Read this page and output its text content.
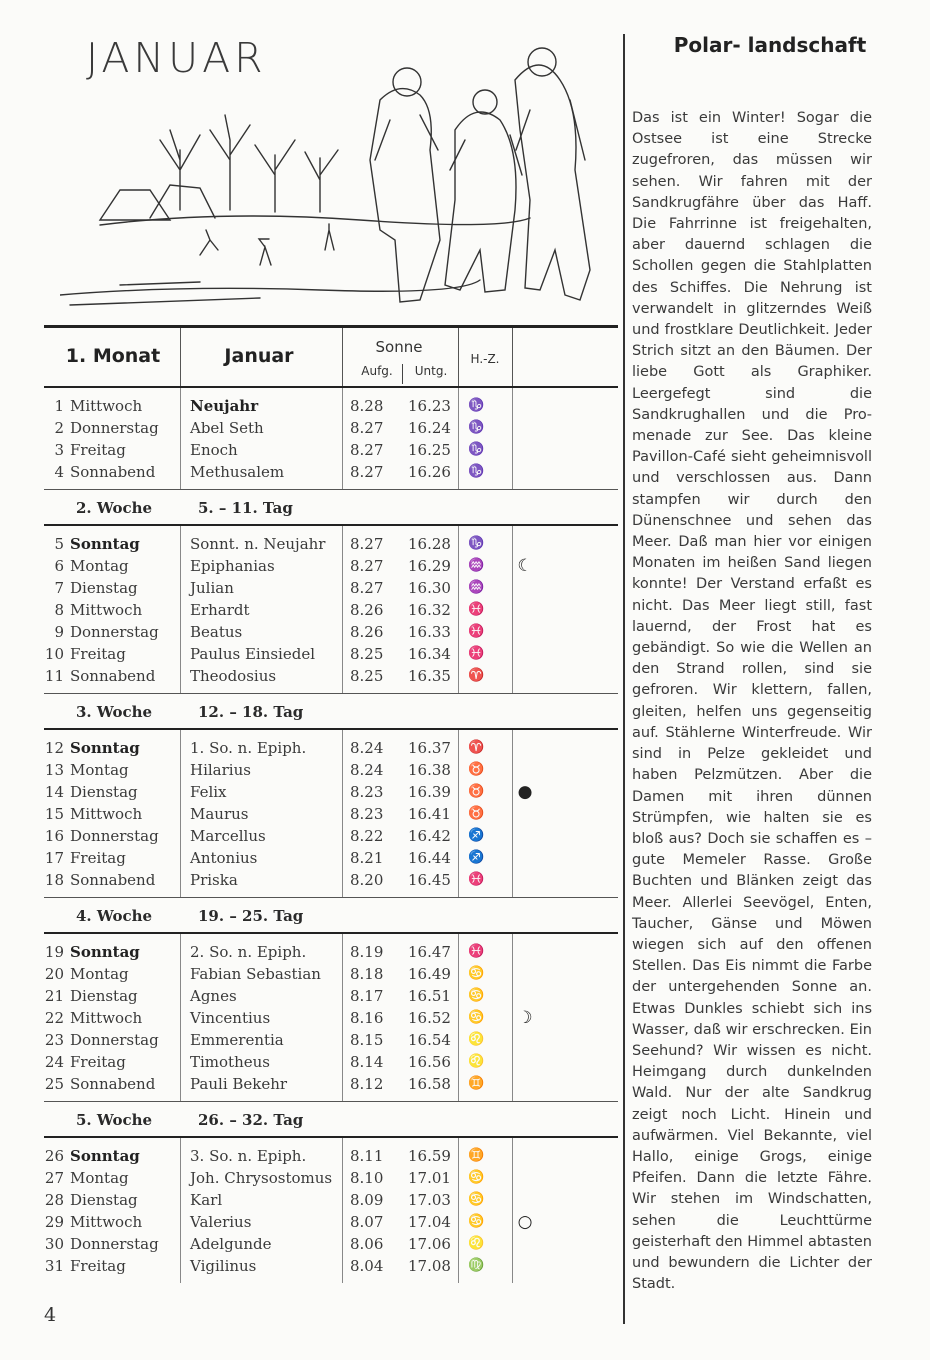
JANUAR
1. Monat	Januar	Sonne
Aufg.	Untg.
H.-Z.
1 Mittwoch	Neujahr	8.28	16.23	♑
2 Donnerstag	Abel Seth	8.27	16.24	♑
3 Freitag	Enoch	8.27	16.25	♑
4 Sonnabend	Methusalem	8.27	16.26	♑
2. Woche	5. – 11. Tag
5 Sonntag	Sonnt. n. Neujahr	8.27	16.28	♑
6 Montag	Epiphanias	8.27	16.29	♒	☾
7 Dienstag	Julian	8.27	16.30	♒
8 Mittwoch	Erhardt	8.26	16.32	♓
9 Donnerstag	Beatus	8.26	16.33	♓
10 Freitag	Paulus Einsiedel	8.25	16.34	♓
11 Sonnabend	Theodosius	8.25	16.35	♈
3. Woche	12. – 18. Tag
12 Sonntag	1. So. n. Epiph.	8.24	16.37	♈
13 Montag	Hilarius	8.24	16.38	♉
14 Dienstag	Felix	8.23	16.39	♉	●
15 Mittwoch	Maurus	8.23	16.41	♉
16 Donnerstag	Marcellus	8.22	16.42	♐
17 Freitag	Antonius	8.21	16.44	♐
18 Sonnabend	Priska	8.20	16.45	♓
4. Woche	19. – 25. Tag
19 Sonntag	2. So. n. Epiph.	8.19	16.47	♓
20 Montag	Fabian Sebastian	8.18	16.49	♋
21 Dienstag	Agnes	8.17	16.51	♋
22 Mittwoch	Vincentius	8.16	16.52	♋	☽
23 Donnerstag	Emmerentia	8.15	16.54	♌
24 Freitag	Timotheus	8.14	16.56	♌
25 Sonnabend	Pauli Bekehr	8.12	16.58	♊
5. Woche	26. – 32. Tag
26 Sonntag	3. So. n. Epiph.	8.11	16.59	♊
27 Montag	Joh. Chrysostomus	8.10	17.01	♋
28 Dienstag	Karl	8.09	17.03	♋
29 Mittwoch	Valerius	8.07	17.04	♋	○
30 Donnerstag	Adelgunde	8.06	17.06	♌
31 Freitag	Vigilinus	8.04	17.08	♍
4
Polar- landschaft
Das ist ein Winter! Sogar die Ostsee ist eine Strecke zugefroren, das müssen wir sehen. Wir fahren mit der Sandkrugfähre über das Haff. Die Fahrrinne ist freigehalten, aber dauernd schlagen die Schollen gegen die Stahlplatten des Schiffes. Die Nehrung ist verwandelt in glitzerndes Weiß und frostklare Deutlichkeit. Jeder Strich sitzt an den Bäumen. Der liebe Gott als Graphiker. Leergefegt sind die Sandkrughallen und die Promenade zur See. Das kleine Pavillon-Café sieht geheimnisvoll und verschlossen aus. Dann stampfen wir durch den Dünenschnee und sehen das Meer. Daß man hier vor einigen Monaten im heißen Sand liegen konnte! Der Verstand erfaßt es nicht. Das Meer liegt still, fast lauernd, der Frost hat es gebändigt. So wie die Wellen an den Strand rollen, sind sie gefroren. Wir klettern, fallen, gleiten, helfen uns gegenseitig auf. Stählerne Winterfreude. Wir sind in Pelze gekleidet und haben Pelzmützen. Aber die Damen mit ihren dünnen Strümpfen, wie halten sie es bloß aus? Doch sie schaffen es – gute Memeler Rasse. Große Buchten und Blänken zeigt das Meer. Allerlei Seevögel, Enten, Taucher, Gänse und Möwen wiegen sich auf den offenen Stellen. Das Eis nimmt die Farbe der untergehenden Sonne an. Etwas Dunkles schiebt sich ins Wasser, daß wir erschrecken. Ein Seehund? Wir wissen es nicht. Heimgang durch dunkelnden Wald. Nur der alte Sandkrug zeigt noch Licht. Hinein und aufwärmen. Viel Bekannte, viel Hallo, einige Grogs, einige Pfeifen. Dann die letzte Fähre. Wir stehen im Windschatten, sehen die Leuchttürme geisterhaft den Himmel abtasten und bewundern die Lichter der Stadt.
